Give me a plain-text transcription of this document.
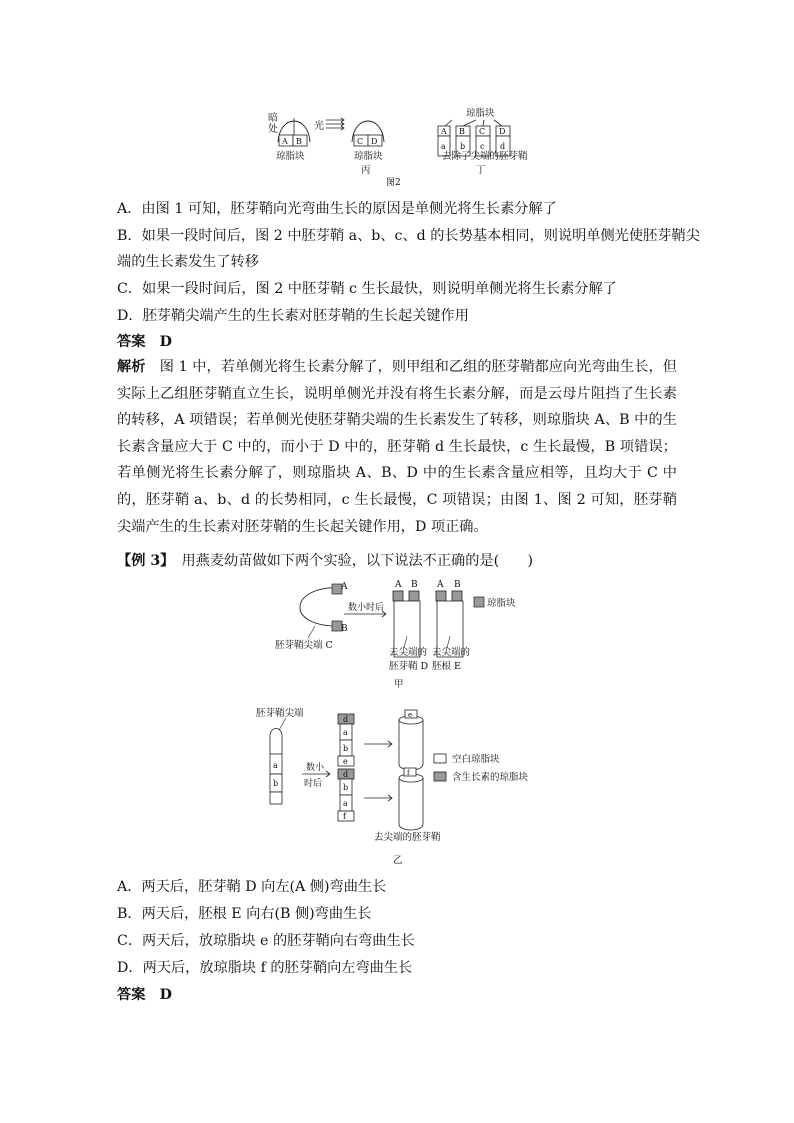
暗
处
A B
琼脂块
光
C D
琼脂块
丙
琼脂块
A B C D
a b c d
去除了尖端的胚芽鞘
丁
图2
A．由图 1 可知，胚芽鞘向光弯曲生长的原因是单侧光将生长素分解了
B．如果一段时间后，图 2 中胚芽鞘 a、b、c、d 的长势基本相同，则说明单侧光使胚芽鞘尖
端的生长素发生了转移
C．如果一段时间后，图 2 中胚芽鞘 c 生长最快，则说明单侧光将生长素分解了
D．胚芽鞘尖端产生的生长素对胚芽鞘的生长起关键作用
答案　D
解析　 图 1 中，若单侧光将生长素分解了，则甲组和乙组的胚芽鞘都应向光弯曲生长，但实际上乙组胚芽鞘直立生长，说明单侧光并没有将生长素分解，而是云母片阻挡了生长素的转移，A 项错误；若单侧光使胚芽鞘尖端的生长素发生了转移，则琼脂块 A、B 中的生长素含量应大于 C 中的，而小于 D 中的，胚芽鞘 d 生长最快，c 生长最慢，B 项错误；若单侧光将生长素分解了，则琼脂块 A、B、D 中的生长素含量应相等，且均大于 C 中的，胚芽鞘 a、b、d 的长势相同，c 生长最慢，C 项错误；由图 1、图 2 可知，胚芽鞘尖端产生的生长素对胚芽鞘的生长起关键作用，D 项正确。
【例 3】　 用燕麦幼苗做如下两个实验，以下说法不正确的是(　　)
A
B
数小时后
胚芽鞘尖端 C
A B A B
琼脂块
去尖端的
胚芽鞘 D
去尖端的
胚根 E
甲
胚芽鞘尖端
a
b
数小
时后
d
a
b
e
d
b
a
f
e
f
空白琼脂块
含生长素的琼脂块
去尖端的胚芽鞘
乙
A．两天后，胚芽鞘 D 向左(A 侧)弯曲生长
B．两天后，胚根 E 向右(B 侧)弯曲生长
C．两天后，放琼脂块 e 的胚芽鞘向右弯曲生长
D．两天后，放琼脂块 f 的胚芽鞘向左弯曲生长
答案　D
